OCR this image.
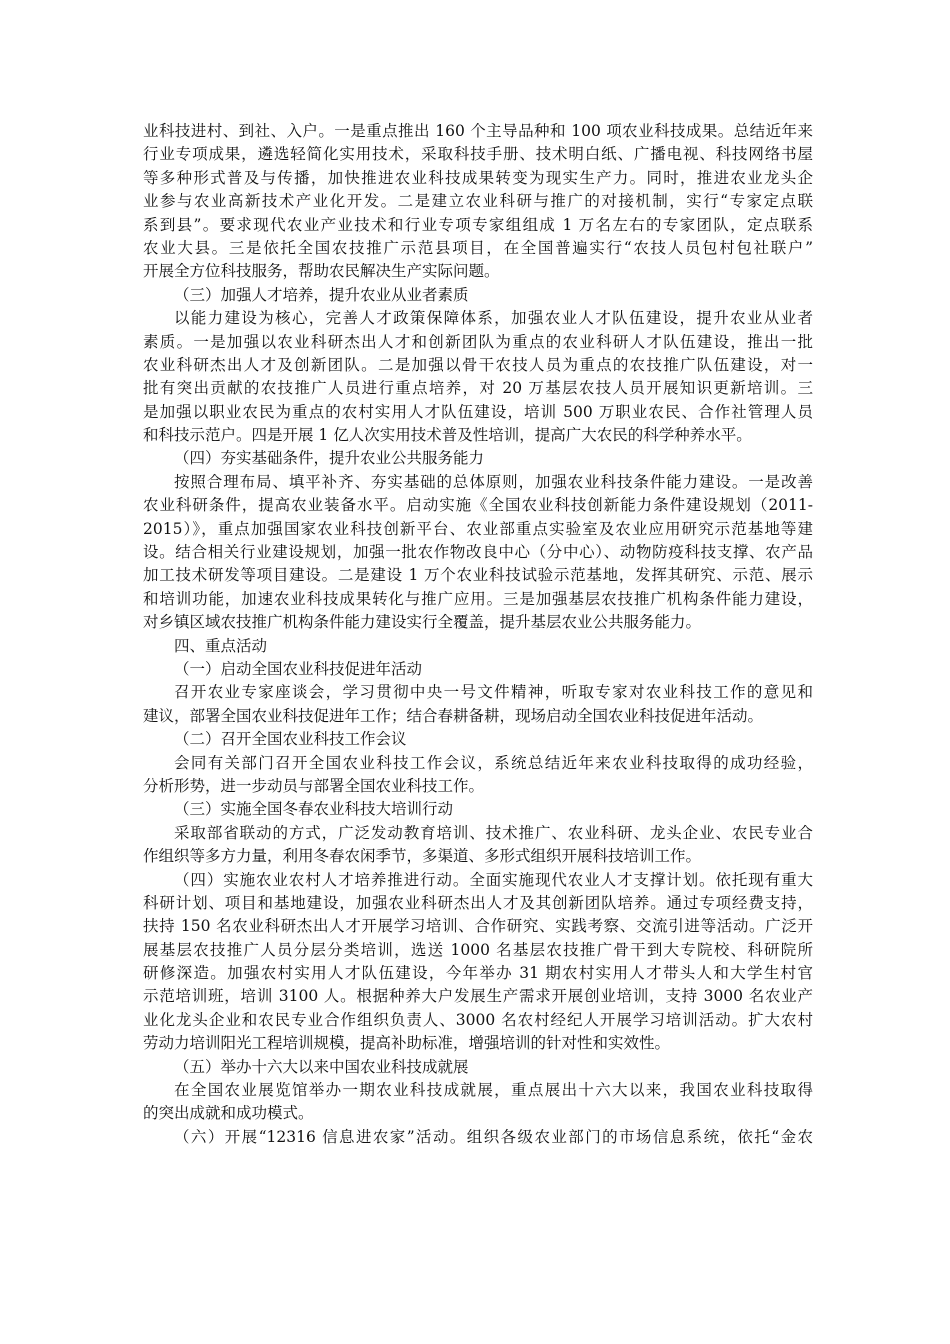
业科技进村、到社、入户。一是重点推出 160 个主导品种和 100 项农业科技成果。总结近年来
行业专项成果，遴选轻简化实用技术，采取科技手册、技术明白纸、广播电视、科技网络书屋
等多种形式普及与传播，加快推进农业科技成果转变为现实生产力。同时，推进农业龙头企
业参与农业高新技术产业化开发。二是建立农业科研与推广的对接机制，实行“专家定点联
系到县”。要求现代农业产业技术和行业专项专家组组成 1 万名左右的专家团队，定点联系
农业大县。三是依托全国农技推广示范县项目，在全国普遍实行“农技人员包村包社联户”
开展全方位科技服务，帮助农民解决生产实际问题。
（三）加强人才培养，提升农业从业者素质
以能力建设为核心，完善人才政策保障体系，加强农业人才队伍建设，提升农业从业者
素质。一是加强以农业科研杰出人才和创新团队为重点的农业科研人才队伍建设，推出一批
农业科研杰出人才及创新团队。二是加强以骨干农技人员为重点的农技推广队伍建设，对一
批有突出贡献的农技推广人员进行重点培养，对 20 万基层农技人员开展知识更新培训。三
是加强以职业农民为重点的农村实用人才队伍建设，培训 500 万职业农民、合作社管理人员
和科技示范户。四是开展 1 亿人次实用技术普及性培训，提高广大农民的科学种养水平。
（四）夯实基础条件，提升农业公共服务能力
按照合理布局、填平补齐、夯实基础的总体原则，加强农业科技条件能力建设。一是改善
农业科研条件，提高农业装备水平。启动实施《全国农业科技创新能力条件建设规划（2011-
2015）》，重点加强国家农业科技创新平台、农业部重点实验室及农业应用研究示范基地等建
设。结合相关行业建设规划，加强一批农作物改良中心（分中心）、动物防疫科技支撑、农产品
加工技术研发等项目建设。二是建设 1 万个农业科技试验示范基地，发挥其研究、示范、展示
和培训功能，加速农业科技成果转化与推广应用。三是加强基层农技推广机构条件能力建设，
对乡镇区域农技推广机构条件能力建设实行全覆盖，提升基层农业公共服务能力。
四、重点活动
（一）启动全国农业科技促进年活动
召开农业专家座谈会，学习贯彻中央一号文件精神，听取专家对农业科技工作的意见和
建议，部署全国农业科技促进年工作；结合春耕备耕，现场启动全国农业科技促进年活动。
（二）召开全国农业科技工作会议
会同有关部门召开全国农业科技工作会议，系统总结近年来农业科技取得的成功经验，
分析形势，进一步动员与部署全国农业科技工作。
（三）实施全国冬春农业科技大培训行动
采取部省联动的方式，广泛发动教育培训、技术推广、农业科研、龙头企业、农民专业合
作组织等多方力量，利用冬春农闲季节，多渠道、多形式组织开展科技培训工作。
（四）实施农业农村人才培养推进行动。全面实施现代农业人才支撑计划。依托现有重大
科研计划、项目和基地建设，加强农业科研杰出人才及其创新团队培养。通过专项经费支持，
扶持 150 名农业科研杰出人才开展学习培训、合作研究、实践考察、交流引进等活动。广泛开
展基层农技推广人员分层分类培训，选送 1000 名基层农技推广骨干到大专院校、科研院所
研修深造。加强农村实用人才队伍建设，今年举办 31 期农村实用人才带头人和大学生村官
示范培训班，培训 3100 人。根据种养大户发展生产需求开展创业培训，支持 3000 名农业产
业化龙头企业和农民专业合作组织负责人、3000 名农村经纪人开展学习培训活动。扩大农村
劳动力培训阳光工程培训规模，提高补助标准，增强培训的针对性和实效性。
（五）举办十六大以来中国农业科技成就展
在全国农业展览馆举办一期农业科技成就展，重点展出十六大以来，我国农业科技取得
的突出成就和成功模式。
（六）开展“12316 信息进农家”活动。组织各级农业部门的市场信息系统，依托“金农
